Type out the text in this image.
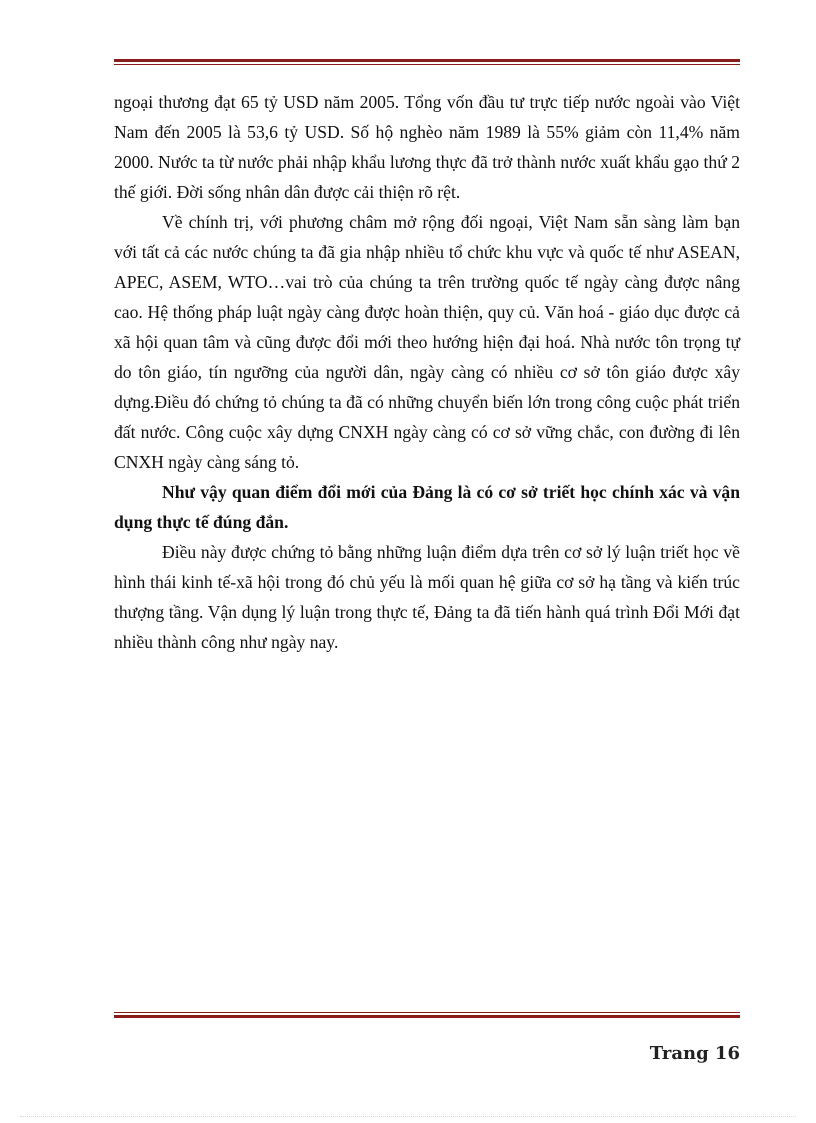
ngoại thương đạt 65 tỷ USD năm 2005. Tổng vốn đầu tư trực tiếp nước ngoài vào Việt Nam đến 2005 là 53,6 tỷ USD. Số hộ nghèo năm 1989 là 55% giảm còn 11,4% năm 2000. Nước ta từ nước phải nhập khẩu lương thực đã trở thành nước xuất khẩu gạo thứ 2 thế giới. Đời sống nhân dân được cải thiện rõ rệt.

Về chính trị, với phương châm mở rộng đối ngoại, Việt Nam sẵn sàng làm bạn với tất cả các nước chúng ta đã gia nhập nhiều tổ chức khu vực và quốc tế như ASEAN, APEC, ASEM, WTO…vai trò của chúng ta trên trường quốc tế ngày càng được nâng cao. Hệ thống pháp luật ngày càng được hoàn thiện, quy củ. Văn hoá - giáo dục được cả xã hội quan tâm và cũng được đổi mới theo hướng hiện đại hoá. Nhà nước tôn trọng tự do tôn giáo, tín ngưỡng của người dân, ngày càng có nhiều cơ sở tôn giáo được xây dựng.Điều đó chứng tỏ chúng ta đã có những chuyển biến lớn trong công cuộc phát triển đất nước. Công cuộc xây dựng CNXH ngày càng có cơ sở vững chắc, con đường đi lên CNXH ngày càng sáng tỏ.

Như vậy quan điểm đổi mới của Đảng là có cơ sở triết học chính xác và vận dụng thực tế đúng đắn.

Điều này được chứng tỏ bằng những luận điểm dựa trên cơ sở lý luận triết học về hình thái kinh tế-xã hội trong đó chủ yếu là mối quan hệ giữa cơ sở hạ tầng và kiến trúc thượng tầng. Vận dụng lý luận trong thực tế, Đảng ta đã tiến hành quá trình Đổi Mới đạt nhiều thành công như ngày nay.

Trang 16
